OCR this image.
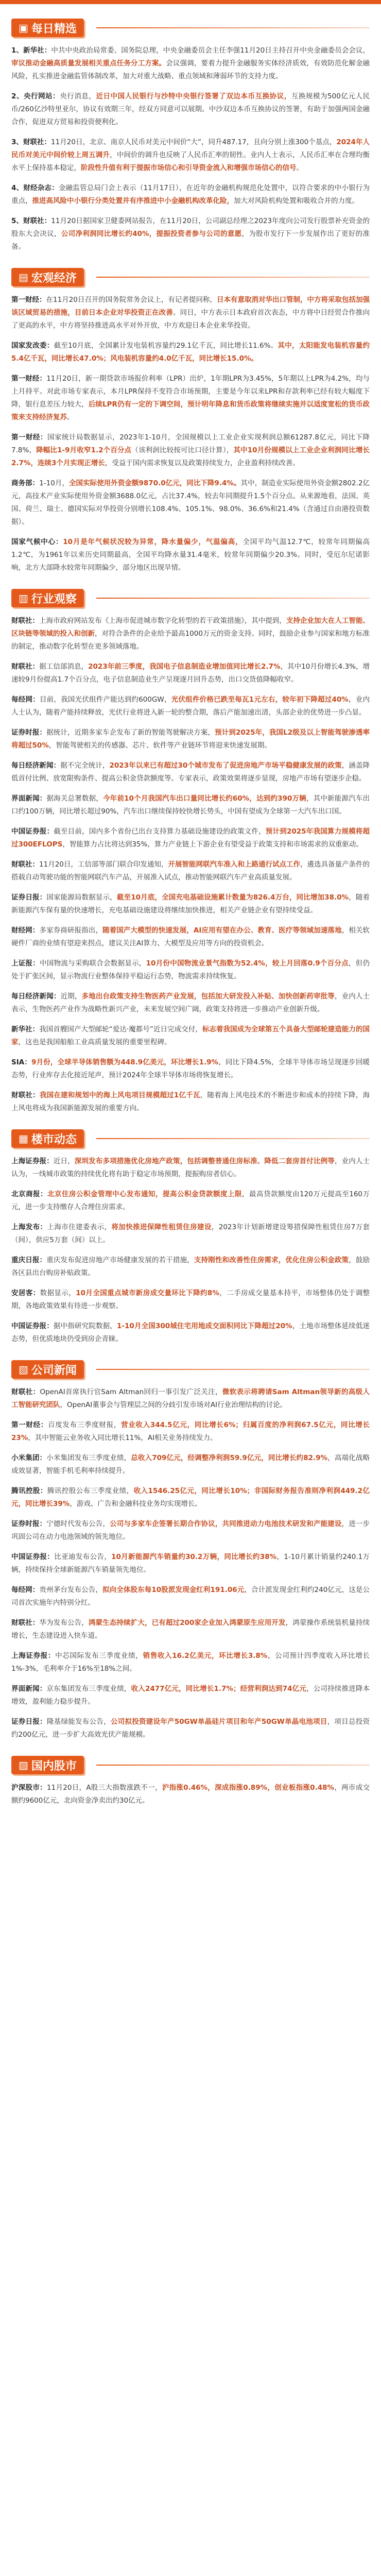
▣ 每日精选

1、新华社：中共中央政治局常委、国务院总理，中央金融委员会主任李强11月20日主持召开中央金融委员会会议，审议推动金融高质量发展相关重点任务分工方案。会议强调，要着力提升金融服务实体经济质效，有效防范化解金融风险，扎实推进金融监管体制改革，加大对重大战略、重点领域和薄弱环节的支持力度。

2、央行网站：央行消息，近日中国人民银行与沙特中央银行签署了双边本币互换协议，互换规模为500亿元人民币/260亿沙特里亚尔，协议有效期三年，经双方同意可以展期。中沙双边本币互换协议的签署，有助于加强两国金融合作，促进双方贸易和投资便利化。

3、财联社：11月20日，北京、南京人民币对美元中间价“大”，同升487.17，且向分别上涨300个基点，2024年人民币对美元中间价较上周五调升，中间价的调升也反映了人民币汇率的韧性。业内人士表示，人民币汇率在合理均衡水平上保持基本稳定，阶段性升值有利于提振市场信心和引导资金流入和增强市场信心的信号。

4、财经杂志：金融监管总局门会上表示（11月17日），在近年的金融机构规范化处置中，以符合要求的中小银行为重点，推进高风险中小银行分类处置并有序推进中小金融机构改革化险，加大对风险机构处置和吸收合并的力度。

5、财联社：11月20日据国家卫健委网站报告，在11月20日，公司副总经理之2023年度向公司发行股票补充资金的股东大会决议，公司净利润同比增长约40%，提振投资者参与公司的意愿，为股市发行下一步发展作出了更好的准备。

▤ 宏观经济

第一财经：在11月20日召开的国务院常务会议上，有记者提问称，日本有意取消对华出口管制，中方将采取包括加强该区域贸易的措施，目前日本企业对华投资正在改善。同日，中方表示日本政府首次表态，中方将中日经贸合作推向了更高的水平，中方将坚持推进高水平对外开放，中方欢迎日本企业来华投资。

国家发改委：截至10月底，全国累计发电装机容量约29.1亿千瓦，同比增长11.6%。其中，太阳能发电装机容量约5.4亿千瓦，同比增长47.0%；风电装机容量约4.0亿千瓦，同比增长15.0%。

第一财经：11月20日，新一期贷款市场报价利率（LPR）出炉，1年期LPR为3.45%，5年期以上LPR为4.2%，均与上月持平。对此市场专家表示，本月LPR保持不变符合市场预期，主要是今年以来LPR和存款利率已经有较大幅度下降，银行息差压力较大，后续LPR仍有一定的下调空间，预计明年降息和货币政策将继续实施并以适度宽松的货币政策来支持经济复苏。

第一财经：国家统计局数据显示，2023年1-10月，全国规模以上工业企业实现利润总额61287.8亿元，同比下降7.8%，降幅比1-9月收窄1.2个百分点（该利润比较按可比口径计算），其中10月份规模以上工业企业利润同比增长2.7%，连续3个月实现正增长，受益于国内需求恢复以及政策持续发力，企业盈利持续改善。

商务部：1-10月，全国实际使用外资金额9870.0亿元，同比下降9.4%。其中，制造业实际使用外资金额2802.2亿元，高技术产业实际使用外资金额3688.0亿元，占比37.4%，较去年同期提升1.5个百分点。从来源地看，法国、英国、荷兰、瑞士、德国实际对华投资分别增长108.4%、105.1%、98.0%、36.6%和21.4%（含通过自由港投资数据）。

国家气候中心：10月是年气候状况较为异常，降水量偏少，气温偏高，全国平均气温12.7℃，较常年同期偏高1.2℃，为1961年以来历史同期最高，全国平均降水量31.4毫米，较常年同期偏少20.3%。同时，受厄尔尼诺影响，北方大部降水较常年同期偏少，部分地区出现旱情。

▥ 行业观察

财联社：上海市政府网站发布《上海市促进城市数字化转型的若干政策措施》，其中提到，支持企业加大在人工智能、区块链等领域的投入和创新，对符合条件的企业给予最高1000万元的资金支持。同时，鼓励企业参与国家和地方标准的制定，推动数字化转型在更多领域落地。

财联社：据工信部消息，2023年前三季度，我国电子信息制造业增加值同比增长2.7%，其中10月份增长4.3%，增速较9月份提高1.7个百分点，电子信息制造业生产呈现逐月回升态势，出口交货值降幅收窄。

每经网：目前，我国光伏组件产能达到约600GW，光伏组件价格已跌至每瓦1元左右，较年初下降超过40%，业内人士认为，随着产能持续释放，光伏行业将进入新一轮的整合期，落后产能加速出清，头部企业的优势进一步凸显。

证券时报：据统计，近期多家车企发布了新的智能驾驶解决方案，预计到2025年，我国L2级及以上智能驾驶渗透率将超过50%，智能驾驶相关的传感器、芯片、软件等产业链环节将迎来快速发展期。

每日经济新闻：据不完全统计，2023年以来已有超过30个城市发布了促进房地产市场平稳健康发展的政策，涵盖降低首付比例、放宽限购条件、提高公积金贷款额度等。专家表示，政策效果将逐步显现，房地产市场有望逐步企稳。

界面新闻：据海关总署数据，今年前10个月我国汽车出口量同比增长约60%，达到约390万辆，其中新能源汽车出口约100万辆，同比增长超过90%，汽车出口继续保持较快增长势头，中国有望成为全球第一大汽车出口国。

中国证券报：截至目前，国内多个省份已出台支持算力基础设施建设的政策文件，预计到2025年我国算力规模将超过300EFLOPS，智能算力占比将达到35%，算力产业链上下游企业有望受益于政策支持和市场需求的双重驱动。

财联社：11月20日，工信部等部门联合印发通知，开展智能网联汽车准入和上路通行试点工作，遴选具备量产条件的搭载自动驾驶功能的智能网联汽车产品，开展准入试点，推动智能网联汽车产业高质量发展。

证券日报：国家能源局数据显示，截至10月底，全国充电基础设施累计数量为826.4万台，同比增加38.0%，随着新能源汽车保有量的快速增长，充电基础设施建设将继续加快推进，相关产业链企业有望持续受益。

财经网：多家券商研报指出，随着国产大模型的快速发展，AI应用有望在办公、教育、医疗等领域加速落地，相关软硬件厂商的业绩有望迎来拐点，建议关注AI算力、大模型及应用等方向的投资机会。

上证报：中国物流与采购联合会数据显示，10月份中国物流业景气指数为52.4%，较上月回落0.9个百分点，但仍处于扩张区间，显示物流行业整体保持平稳运行态势，物流需求持续恢复。

每日经济新闻：近期，多地出台政策支持生物医药产业发展，包括加大研发投入补贴、加快创新药审批等，业内人士表示，生物医药产业作为战略性新兴产业，未来发展空间广阔，政策支持将进一步推动产业创新升级。

新华社：我国首艘国产大型邮轮“爱达·魔都号”近日完成交付，标志着我国成为全球第五个具备大型邮轮建造能力的国家，这也是我国船舶工业高质量发展的重要里程碑。

SIA：9月份，全球半导体销售额为448.9亿美元，环比增长1.9%，同比下降4.5%，全球半导体市场呈现逐步回暖态势，行业库存去化接近尾声，预计2024年全球半导体市场将恢复增长。

财联社：我国在建和规划中的海上风电项目规模超过1亿千瓦，随着海上风电技术的不断进步和成本的持续下降，海上风电将成为我国新能源发展的重要方向。

▦ 楼市动态

上海证券报：近日，深圳发布多项措施优化房地产政策，包括调整普通住房标准、降低二套房首付比例等，业内人士认为，一线城市政策的持续优化将有助于稳定市场预期，提振购房者信心。

北京商报：北京住房公积金管理中心发布通知，提高公积金贷款额度上限，最高贷款额度由120万元提高至160万元，进一步支持缴存人合理住房需求。

上海发布：上海市住建委表示，将加快推进保障性租赁住房建设，2023年计划新增建设筹措保障性租赁住房7万套（间），供应5万套（间）以上。

重庆日报：重庆发布促进房地产市场健康发展的若干措施，支持刚性和改善性住房需求，优化住房公积金政策，鼓励各区县出台购房补贴政策。

安居客：数据显示，10月全国重点城市新房成交量环比下降约8%，二手房成交量基本持平，市场整体仍处于调整期，各地政策效果有待进一步观察。

中国证券报：据中指研究院数据，1-10月全国300城住宅用地成交面积同比下降超过20%，土地市场整体延续低迷态势，但优质地块仍受到房企青睐。

▧ 公司新闻

财联社：OpenAI首席执行官Sam Altman回归一事引发广泛关注，微软表示将聘请Sam Altman领导新的高级人工智能研究团队，OpenAI董事会与管理层之间的分歧引发市场对AI行业治理结构的讨论。

第一财经：百度发布三季度财报，营业收入344.5亿元，同比增长6%；归属百度的净利润67.5亿元，同比增长23%，其中智能云业务收入同比增长11%，AI相关业务持续发力。

小米集团：小米集团发布三季度业绩，总收入709亿元，经调整净利润59.9亿元，同比增长约82.9%，高端化战略成效显著，智能手机毛利率持续提升。

腾讯控股：腾讯控股公布三季度业绩，收入1546.25亿元，同比增长10%；非国际财务报告准则净利润449.2亿元，同比增长39%，游戏、广告和金融科技业务均实现增长。

证券时报：宁德时代发布公告，公司与多家车企签署长期合作协议，共同推进动力电池技术研发和产能建设，进一步巩固公司在动力电池领域的领先地位。

中国证券报：比亚迪发布公告，10月新能源汽车销量约30.2万辆，同比增长约38%，1-10月累计销量约240.1万辆，持续保持全球新能源汽车销量领先地位。

每经网：贵州茅台发布公告，拟向全体股东每10股派发现金红利191.06元，合计派发现金红利约240亿元，这是公司首次实施年内特别分红。

财联社：华为发布公告，鸿蒙生态持续扩大，已有超过200家企业加入鸿蒙原生应用开发，鸿蒙操作系统装机量持续增长，生态建设进入快车道。

上海证券报：中芯国际发布三季度业绩，销售收入16.2亿美元，环比增长3.8%，公司预计四季度收入环比增长1%-3%，毛利率介于16%至18%之间。

界面新闻：京东集团发布三季度业绩，收入2477亿元，同比增长1.7%；经营利润达到74亿元，公司持续推进降本增效，盈利能力稳步提升。

证券日报：隆基绿能发布公告，公司拟投资建设年产50GW单晶硅片项目和年产50GW单晶电池项目，项目总投资约200亿元，进一步扩大高效光伏产能规模。

▨ 国内股市

沪深股市：11月20日，A股三大指数涨跌不一，沪指涨0.46%，深成指涨0.89%，创业板指涨0.48%，两市成交额约9600亿元，北向资金净卖出约30亿元。
